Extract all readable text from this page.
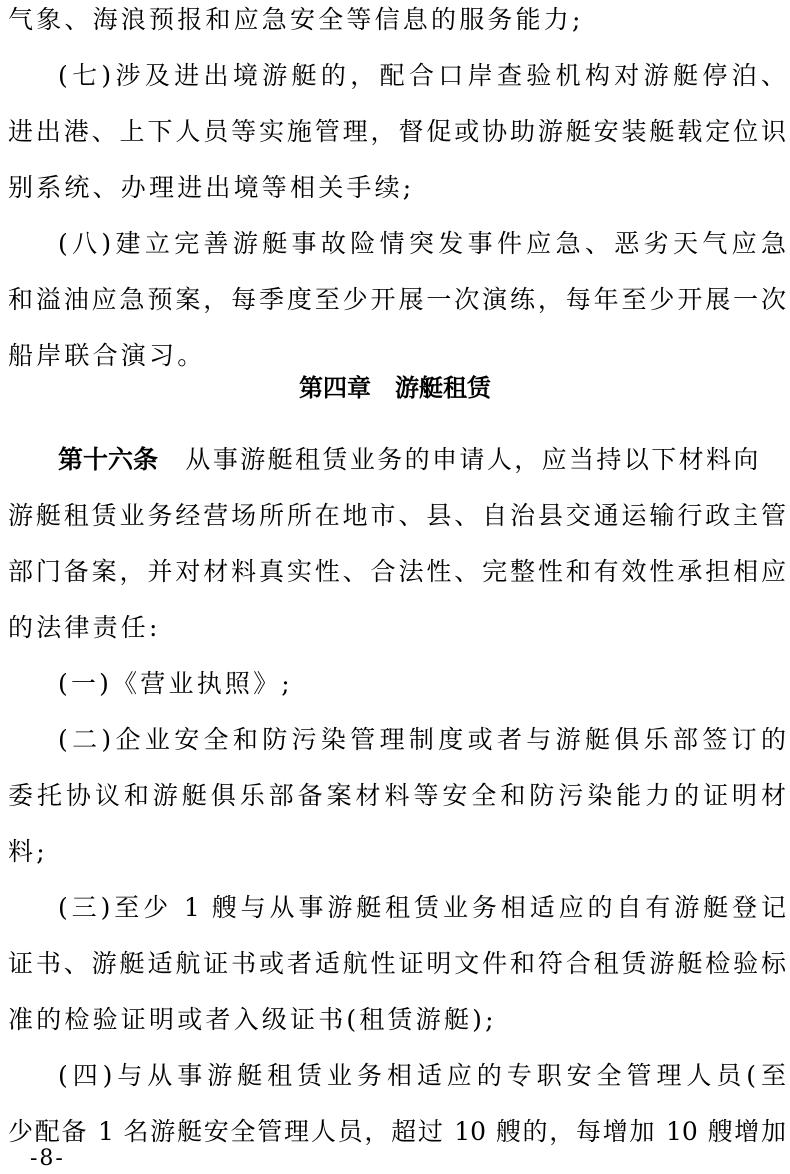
气象、海浪预报和应急安全等信息的服务能力;
(七)涉及进出境游艇的，配合口岸查验机构对游艇停泊、
进出港、上下人员等实施管理，督促或协助游艇安装艇载定位识
别系统、办理进出境等相关手续;
(八)建立完善游艇事故险情突发事件应急、恶劣天气应急
和溢油应急预案，每季度至少开展一次演练，每年至少开展一次
船岸联合演习。
第四章　游艇租赁
第十六条　从事游艇租赁业务的申请人，应当持以下材料向
游艇租赁业务经营场所所在地市、县、自治县交通运输行政主管
部门备案，并对材料真实性、合法性、完整性和有效性承担相应
的法律责任:
(一)《营业执照》;
(二)企业安全和防污染管理制度或者与游艇俱乐部签订的
委托协议和游艇俱乐部备案材料等安全和防污染能力的证明材
料;
(三)至少 1 艘与从事游艇租赁业务相适应的自有游艇登记
证书、游艇适航证书或者适航性证明文件和符合租赁游艇检验标
准的检验证明或者入级证书(租赁游艇);
(四)与从事游艇租赁业务相适应的专职安全管理人员(至
少配备 1 名游艇安全管理人员，超过 10 艘的，每增加 10 艘增加
-8-
